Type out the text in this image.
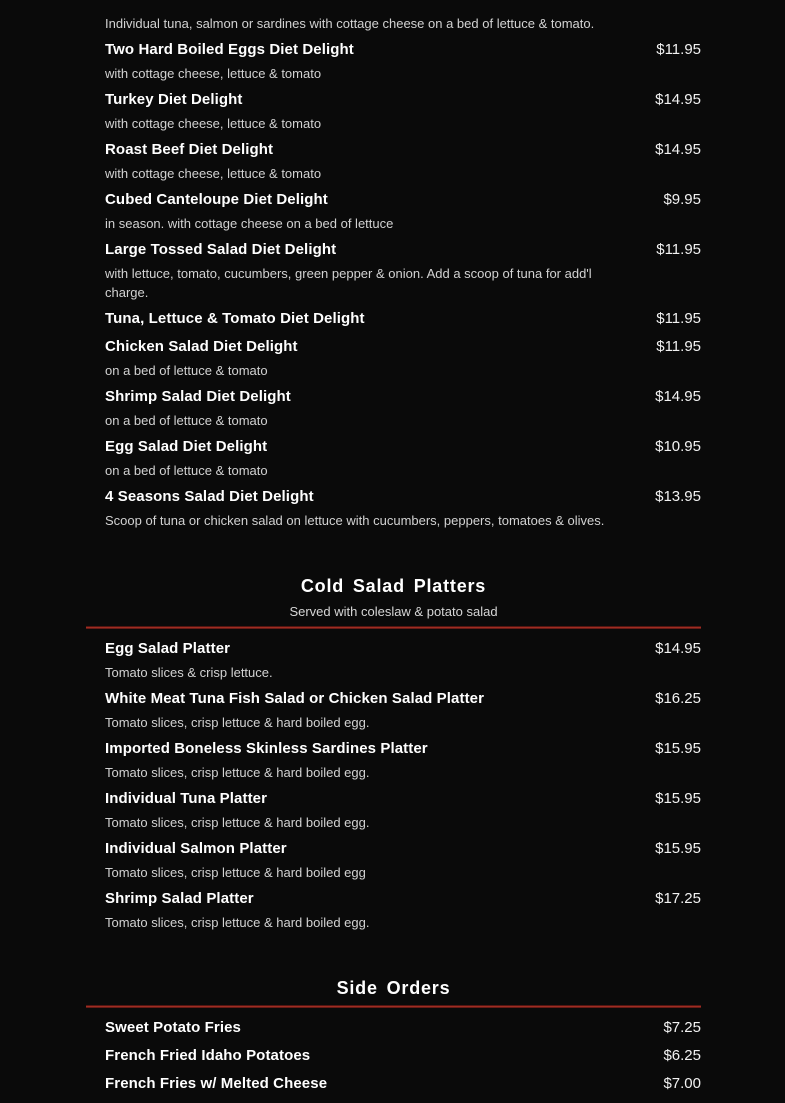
Individual tuna, salmon or sardines with cottage cheese on a bed of lettuce & tomato.
Two Hard Boiled Eggs Diet Delight	$11.95
with cottage cheese, lettuce & tomato
Turkey Diet Delight	$14.95
with cottage cheese, lettuce & tomato
Roast Beef Diet Delight	$14.95
with cottage cheese, lettuce & tomato
Cubed Canteloupe Diet Delight	$9.95
in season. with cottage cheese on a bed of lettuce
Large Tossed Salad Diet Delight	$11.95
with lettuce, tomato, cucumbers, green pepper & onion. Add a scoop of tuna for add'l charge.
Tuna, Lettuce & Tomato Diet Delight	$11.95
Chicken Salad Diet Delight	$11.95
on a bed of lettuce & tomato
Shrimp Salad Diet Delight	$14.95
on a bed of lettuce & tomato
Egg Salad Diet Delight	$10.95
on a bed of lettuce & tomato
4 Seasons Salad Diet Delight	$13.95
Scoop of tuna or chicken salad on lettuce with cucumbers, peppers, tomatoes & olives.
Cold Salad Platters
Served with coleslaw & potato salad
Egg Salad Platter	$14.95
Tomato slices & crisp lettuce.
White Meat Tuna Fish Salad or Chicken Salad Platter	$16.25
Tomato slices, crisp lettuce & hard boiled egg.
Imported Boneless Skinless Sardines Platter	$15.95
Tomato slices, crisp lettuce & hard boiled egg.
Individual Tuna Platter	$15.95
Tomato slices, crisp lettuce & hard boiled egg.
Individual Salmon Platter	$15.95
Tomato slices, crisp lettuce & hard boiled egg
Shrimp Salad Platter	$17.25
Tomato slices, crisp lettuce & hard boiled egg.
Side Orders
Sweet Potato Fries	$7.25
French Fried Idaho Potatoes	$6.25
French Fries w/ Melted Cheese	$7.00
